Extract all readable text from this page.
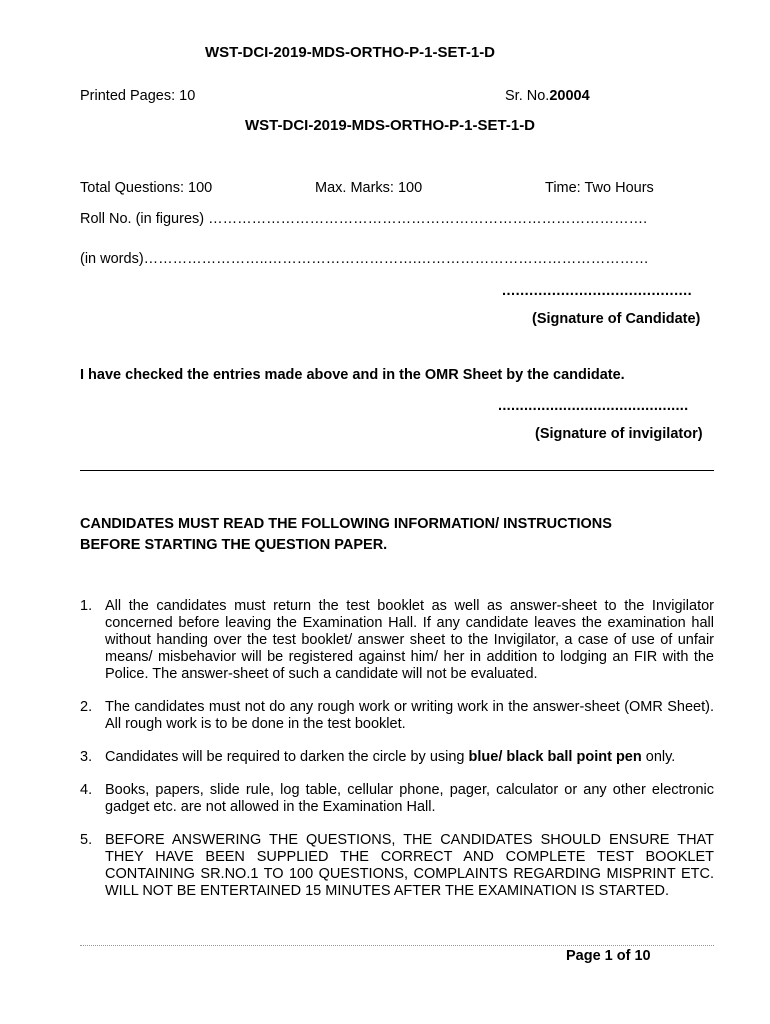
WST-DCI-2019-MDS-ORTHO-P-1-SET-1-D
Printed Pages: 10	Sr. No.20004
WST-DCI-2019-MDS-ORTHO-P-1-SET-1-D
Total Questions: 100	Max. Marks: 100	Time: Two Hours
Roll No. (in figures) ……………………………………………………………………………….
(in words)……………………..………………………….…………………………………………
..........................................
(Signature of Candidate)
I have checked the entries made above and in the OMR Sheet by the candidate.
............................................
(Signature of invigilator)
CANDIDATES MUST READ THE FOLLOWING INFORMATION/ INSTRUCTIONS
BEFORE STARTING THE QUESTION PAPER.
1. All the candidates must return the test booklet as well as answer-sheet to the Invigilator concerned before leaving the Examination Hall. If any candidate leaves the examination hall without handing over the test booklet/ answer sheet to the Invigilator, a case of use of unfair means/ misbehavior will be registered against him/ her in addition to lodging an FIR with the Police. The answer-sheet of such a candidate will not be evaluated.
2. The candidates must not do any rough work or writing work in the answer-sheet (OMR Sheet). All rough work is to be done in the test booklet.
3. Candidates will be required to darken the circle by using blue/ black ball point pen only.
4. Books, papers, slide rule, log table, cellular phone, pager, calculator or any other electronic gadget etc. are not allowed in the Examination Hall.
5. BEFORE ANSWERING THE QUESTIONS, THE CANDIDATES SHOULD ENSURE THAT THEY HAVE BEEN SUPPLIED THE CORRECT AND COMPLETE TEST BOOKLET CONTAINING SR.NO.1 TO 100 QUESTIONS, COMPLAINTS REGARDING MISPRINT ETC. WILL NOT BE ENTERTAINED 15 MINUTES AFTER THE EXAMINATION IS STARTED.
Page 1 of 10
